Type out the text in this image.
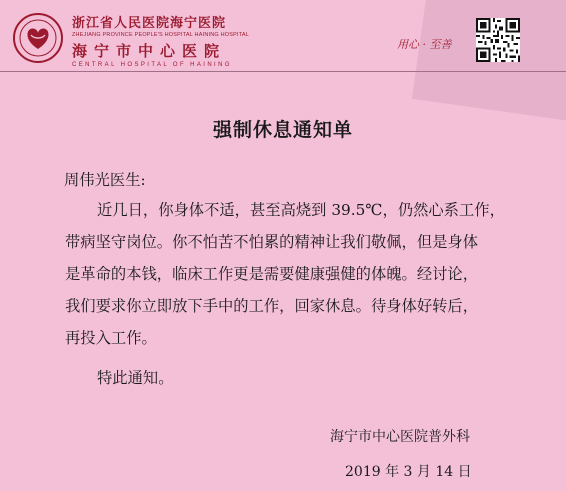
浙江省人民医院海宁医院
ZHEJIANG PROVINCE PEOPLE'S HOSPITAL HAINING HOSPITAL
海宁市中心医院
CENTRAL HOSPITAL OF HAINING
用心 · 至善
强制休息通知单
周伟光医生:
近几日，你身体不适，甚至高烧到 39.5℃，仍然心系工作，
带病坚守岗位。你不怕苦不怕累的精神让我们敬佩，但是身体
是革命的本钱，临床工作更是需要健康强健的体魄。经讨论，
我们要求你立即放下手中的工作，回家休息。待身体好转后，
再投入工作。
特此通知。
海宁市中心医院普外科
2019 年 3 月 14 日
